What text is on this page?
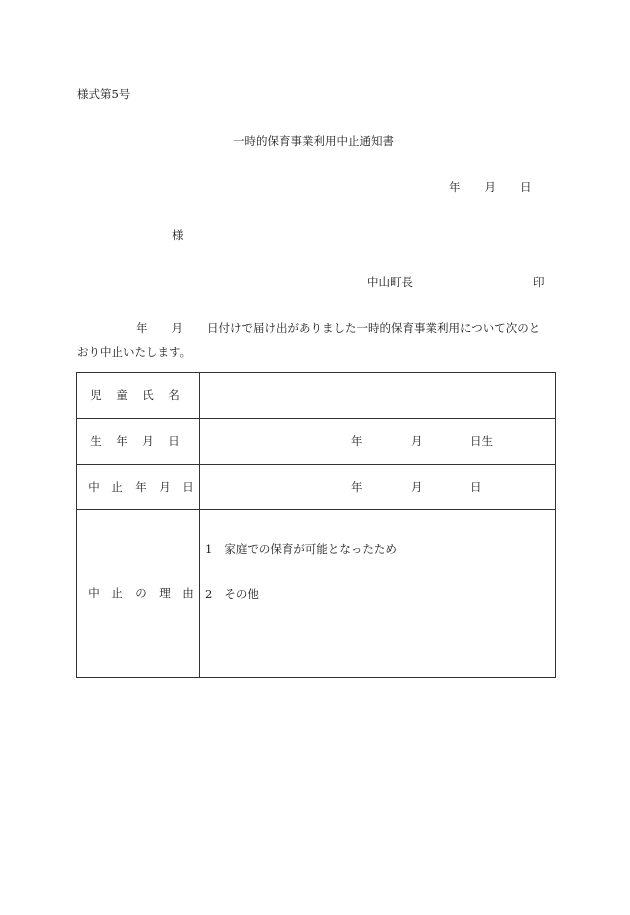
様式第5号
一時的保育事業利用中止通知書
年 月 日
様
中山町長	印
年 月 日付けで届け出がありました一時的保育事業利用について次のと
おり中止いたします。
児 童 氏 名
生 年 月 日	年	月	日生
中 止 年 月 日	年	月	日
中 止 の 理 由
1 家庭での保育が可能となったため
2 その他
